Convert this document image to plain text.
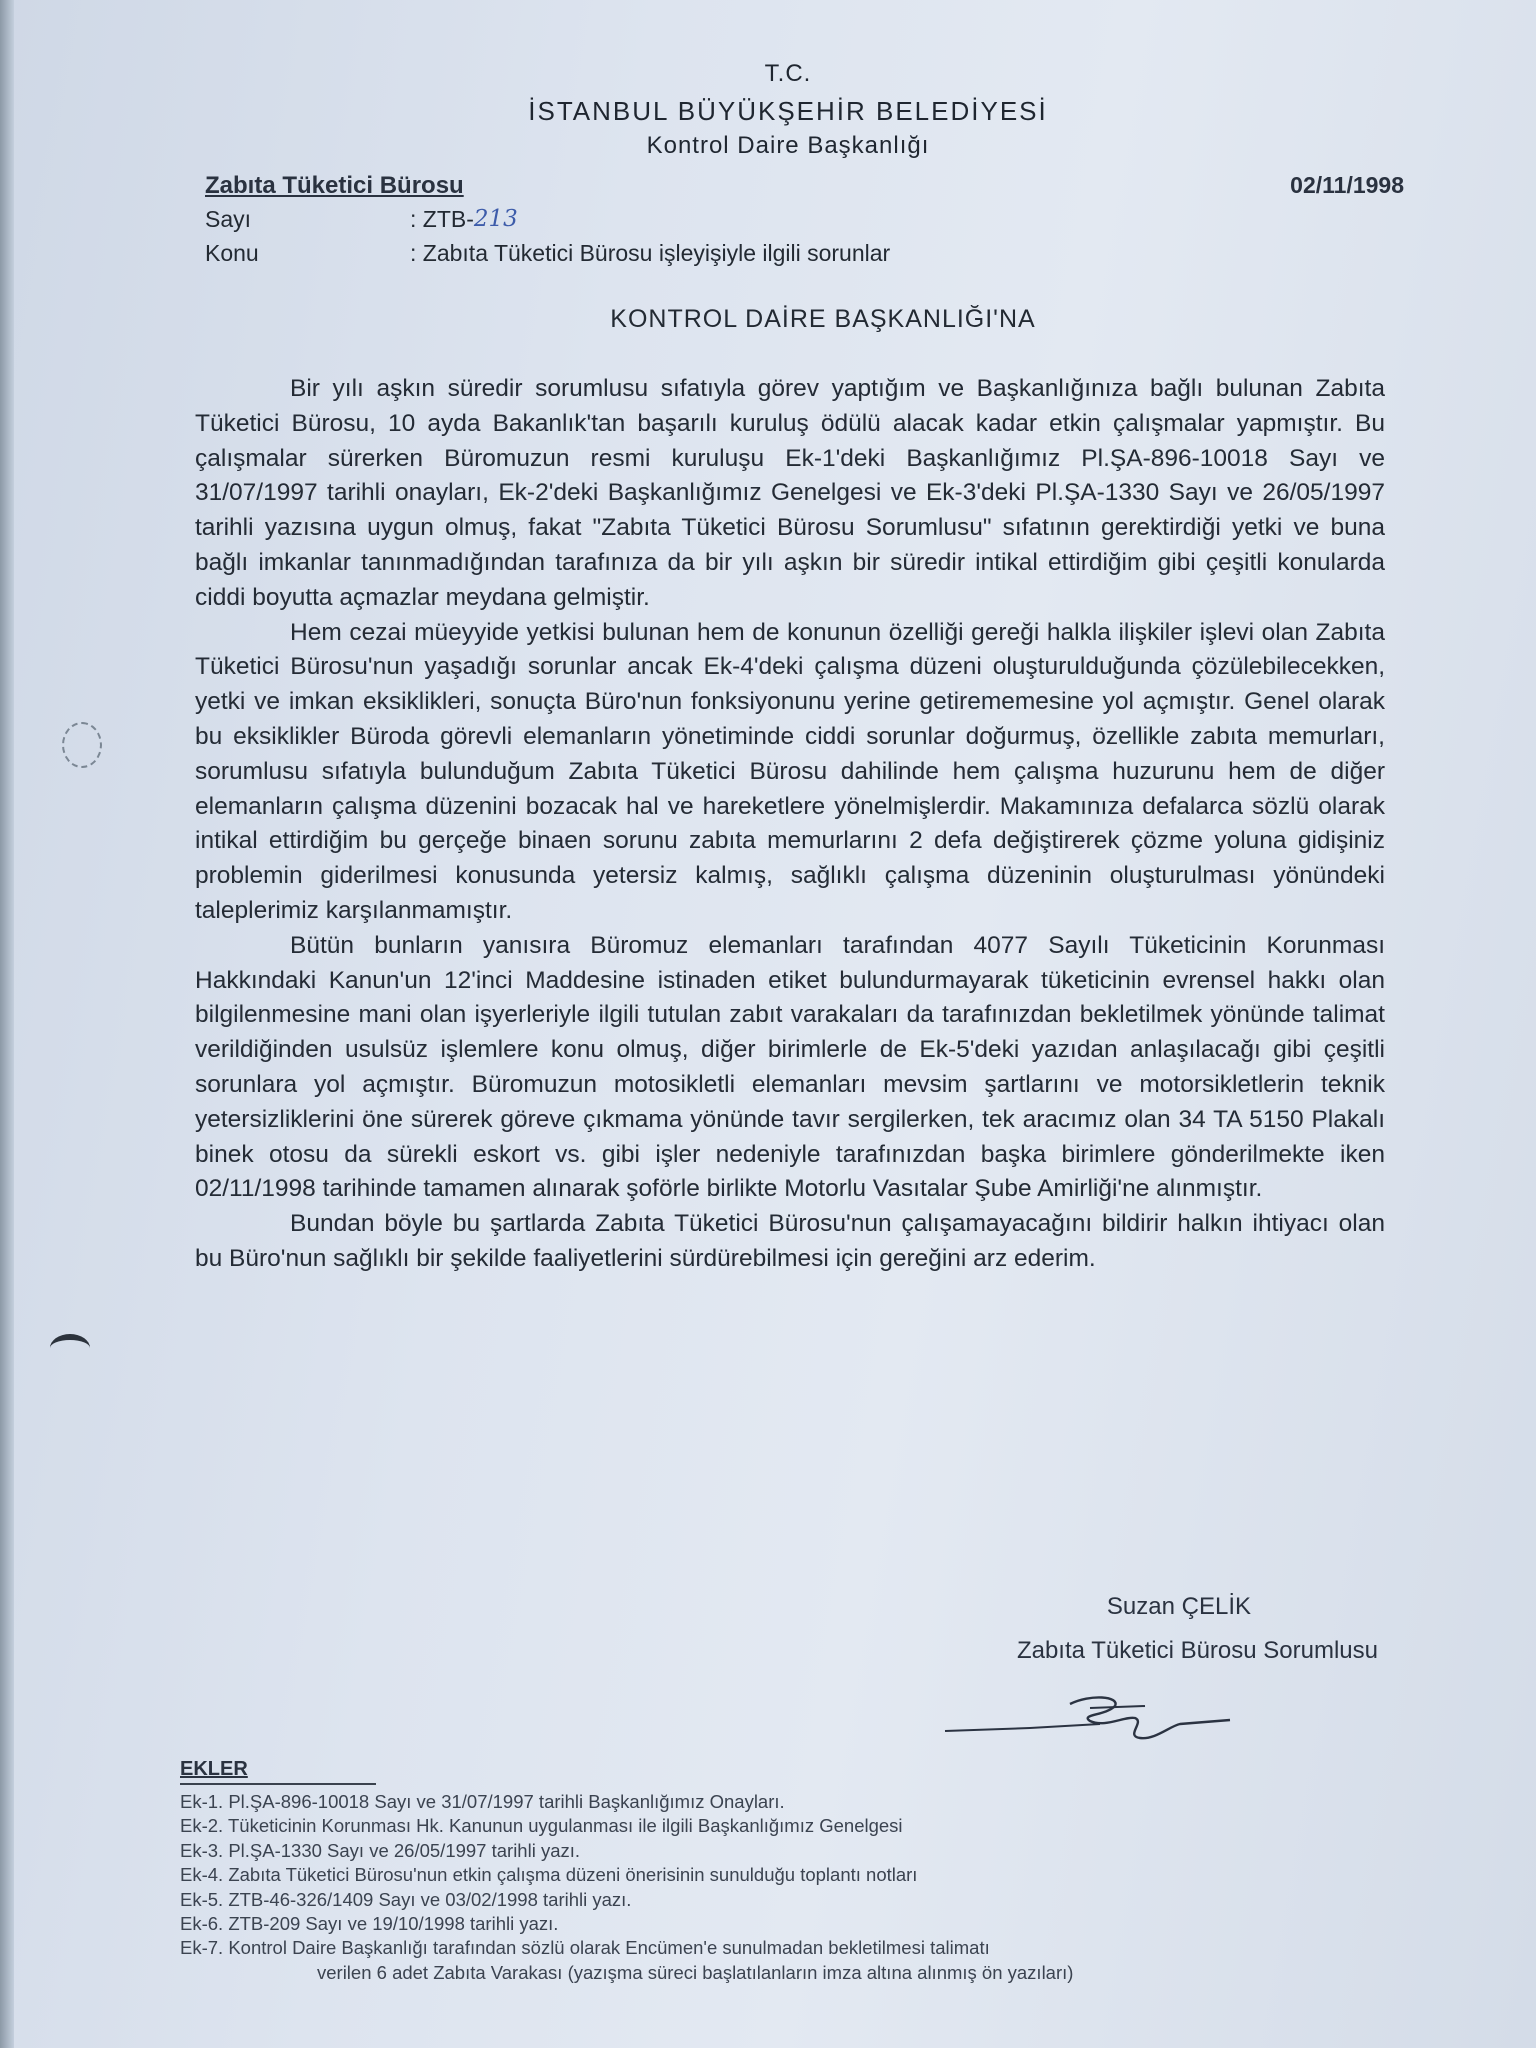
T.C.
İSTANBUL BÜYÜKŞEHİR BELEDİYESİ
Kontrol Daire Başkanlığı
Zabıta Tüketici Bürosu	02/11/1998
Sayı	: ZTB- 213
Konu	: Zabıta Tüketici Bürosu işleyişiyle ilgili sorunlar
KONTROL DAİRE BAŞKANLIĞI'NA

Bir yılı aşkın süredir sorumlusu sıfatıyla görev yaptığım ve Başkanlığınıza bağlı bulunan Zabıta Tüketici Bürosu, 10 ayda Bakanlık'tan başarılı kuruluş ödülü alacak kadar etkin çalışmalar yapmıştır. Bu çalışmalar sürerken Büromuzun resmi kuruluşu Ek-1'deki Başkanlığımız Pl.ŞA-896-10018 Sayı ve 31/07/1997 tarihli onayları, Ek-2'deki Başkanlığımız Genelgesi ve Ek-3'deki Pl.ŞA-1330 Sayı ve 26/05/1997 tarihli yazısına uygun olmuş, fakat "Zabıta Tüketici Bürosu Sorumlusu" sıfatının gerektirdiği yetki ve buna bağlı imkanlar tanınmadığından tarafınıza da bir yılı aşkın bir süredir intikal ettirdiğim gibi çeşitli konularda ciddi boyutta açmazlar meydana gelmiştir.

Hem cezai müeyyide yetkisi bulunan hem de konunun özelliği gereği halkla ilişkiler işlevi olan Zabıta Tüketici Bürosu'nun yaşadığı sorunlar ancak Ek-4'deki çalışma düzeni oluşturulduğunda çözülebilecekken, yetki ve imkan eksiklikleri, sonuçta Büro'nun fonksiyonunu yerine getirememesine yol açmıştır. Genel olarak bu eksiklikler Büroda görevli elemanların yönetiminde ciddi sorunlar doğurmuş, özellikle zabıta memurları, sorumlusu sıfatıyla bulunduğum Zabıta Tüketici Bürosu dahilinde hem çalışma huzurunu hem de diğer elemanların çalışma düzenini bozacak hal ve hareketlere yönelmişlerdir. Makamınıza defalarca sözlü olarak intikal ettirdiğim bu gerçeğe binaen sorunu zabıta memurlarını 2 defa değiştirerek çözme yoluna gidişiniz problemin giderilmesi konusunda yetersiz kalmış, sağlıklı çalışma düzeninin oluşturulması yönündeki taleplerimiz karşılanmamıştır.

Bütün bunların yanısıra Büromuz elemanları tarafından 4077 Sayılı Tüketicinin Korunması Hakkındaki Kanun'un 12'inci Maddesine istinaden etiket bulundurmayarak tüketicinin evrensel hakkı olan bilgilenmesine mani olan işyerleriyle ilgili tutulan zabıt varakaları da tarafınızdan bekletilmek yönünde talimat verildiğinden usulsüz işlemlere konu olmuş, diğer birimlerle de Ek-5'deki yazıdan anlaşılacağı gibi çeşitli sorunlara yol açmıştır. Büromuzun motosikletli elemanları mevsim şartlarını ve motorsikletlerin teknik yetersizliklerini öne sürerek göreve çıkmama yönünde tavır sergilerken, tek aracımız olan 34 TA 5150 Plakalı binek otosu da sürekli eskort vs. gibi işler nedeniyle tarafınızdan başka birimlere gönderilmekte iken 02/11/1998 tarihinde tamamen alınarak şoförle birlikte Motorlu Vasıtalar Şube Amirliği'ne alınmıştır.

Bundan böyle bu şartlarda Zabıta Tüketici Bürosu'nun çalışamayacağını bildirir halkın ihtiyacı olan bu Büro'nun sağlıklı bir şekilde faaliyetlerini sürdürebilmesi için gereğini arz ederim.

Suzan ÇELİK
Zabıta Tüketici Bürosu Sorumlusu
EKLER
Ek-1. Pl.ŞA-896-10018 Sayı ve 31/07/1997 tarihli Başkanlığımız Onayları.
Ek-2. Tüketicinin Korunması Hk. Kanunun uygulanması ile ilgili Başkanlığımız Genelgesi
Ek-3. Pl.ŞA-1330 Sayı ve 26/05/1997 tarihli yazı.
Ek-4. Zabıta Tüketici Bürosu'nun etkin çalışma düzeni önerisinin sunulduğu toplantı notları
Ek-5. ZTB-46-326/1409 Sayı ve 03/02/1998 tarihli yazı.
Ek-6. ZTB-209 Sayı ve 19/10/1998 tarihli yazı.
Ek-7. Kontrol Daire Başkanlığı tarafından sözlü olarak Encümen'e sunulmadan bekletilmesi talimatı
verilen 6 adet Zabıta Varakası (yazışma süreci başlatılanların imza altına alınmış ön yazıları)
